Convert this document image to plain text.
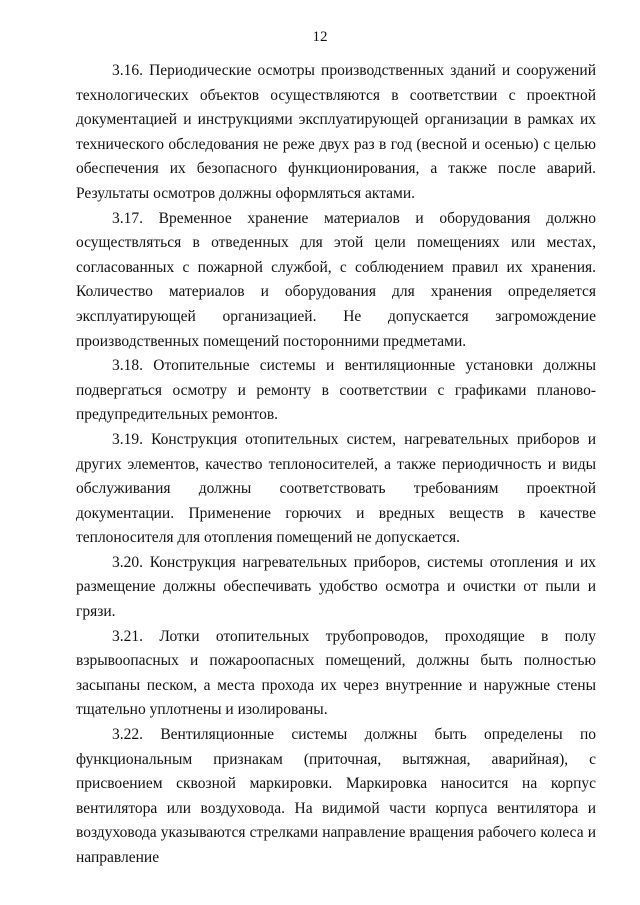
12

3.16. Периодические осмотры производственных зданий и сооружений технологических объектов осуществляются в соответствии с проектной документацией и инструкциями эксплуатирующей организации в рамках их технического обследования не реже двух раз в год (весной и осенью) с целью обеспечения их безопасного функционирования, а также после аварий. Результаты осмотров должны оформляться актами.

3.17. Временное хранение материалов и оборудования должно осуществляться в отведенных для этой цели помещениях или местах, согласованных с пожарной службой, с соблюдением правил их хранения. Количество материалов и оборудования для хранения определяется эксплуатирующей организацией. Не допускается загромождение производственных помещений посторонними предметами.

3.18. Отопительные системы и вентиляционные установки должны подвергаться осмотру и ремонту в соответствии с графиками планово-предупредительных ремонтов.

3.19. Конструкция отопительных систем, нагревательных приборов и других элементов, качество теплоносителей, а также периодичность и виды обслуживания должны соответствовать требованиям проектной документации. Применение горючих и вредных веществ в качестве теплоносителя для отопления помещений не допускается.

3.20. Конструкция нагревательных приборов, системы отопления и их размещение должны обеспечивать удобство осмотра и очистки от пыли и грязи.

3.21. Лотки отопительных трубопроводов, проходящие в полу взрывоопасных и пожароопасных помещений, должны быть полностью засыпаны песком, а места прохода их через внутренние и наружные стены тщательно уплотнены и изолированы.

3.22. Вентиляционные системы должны быть определены по функциональным признакам (приточная, вытяжная, аварийная), с присвоением сквозной маркировки. Маркировка наносится на корпус вентилятора или воздуховода. На видимой части корпуса вентилятора и воздуховода указываются стрелками направление вращения рабочего колеса и направление
